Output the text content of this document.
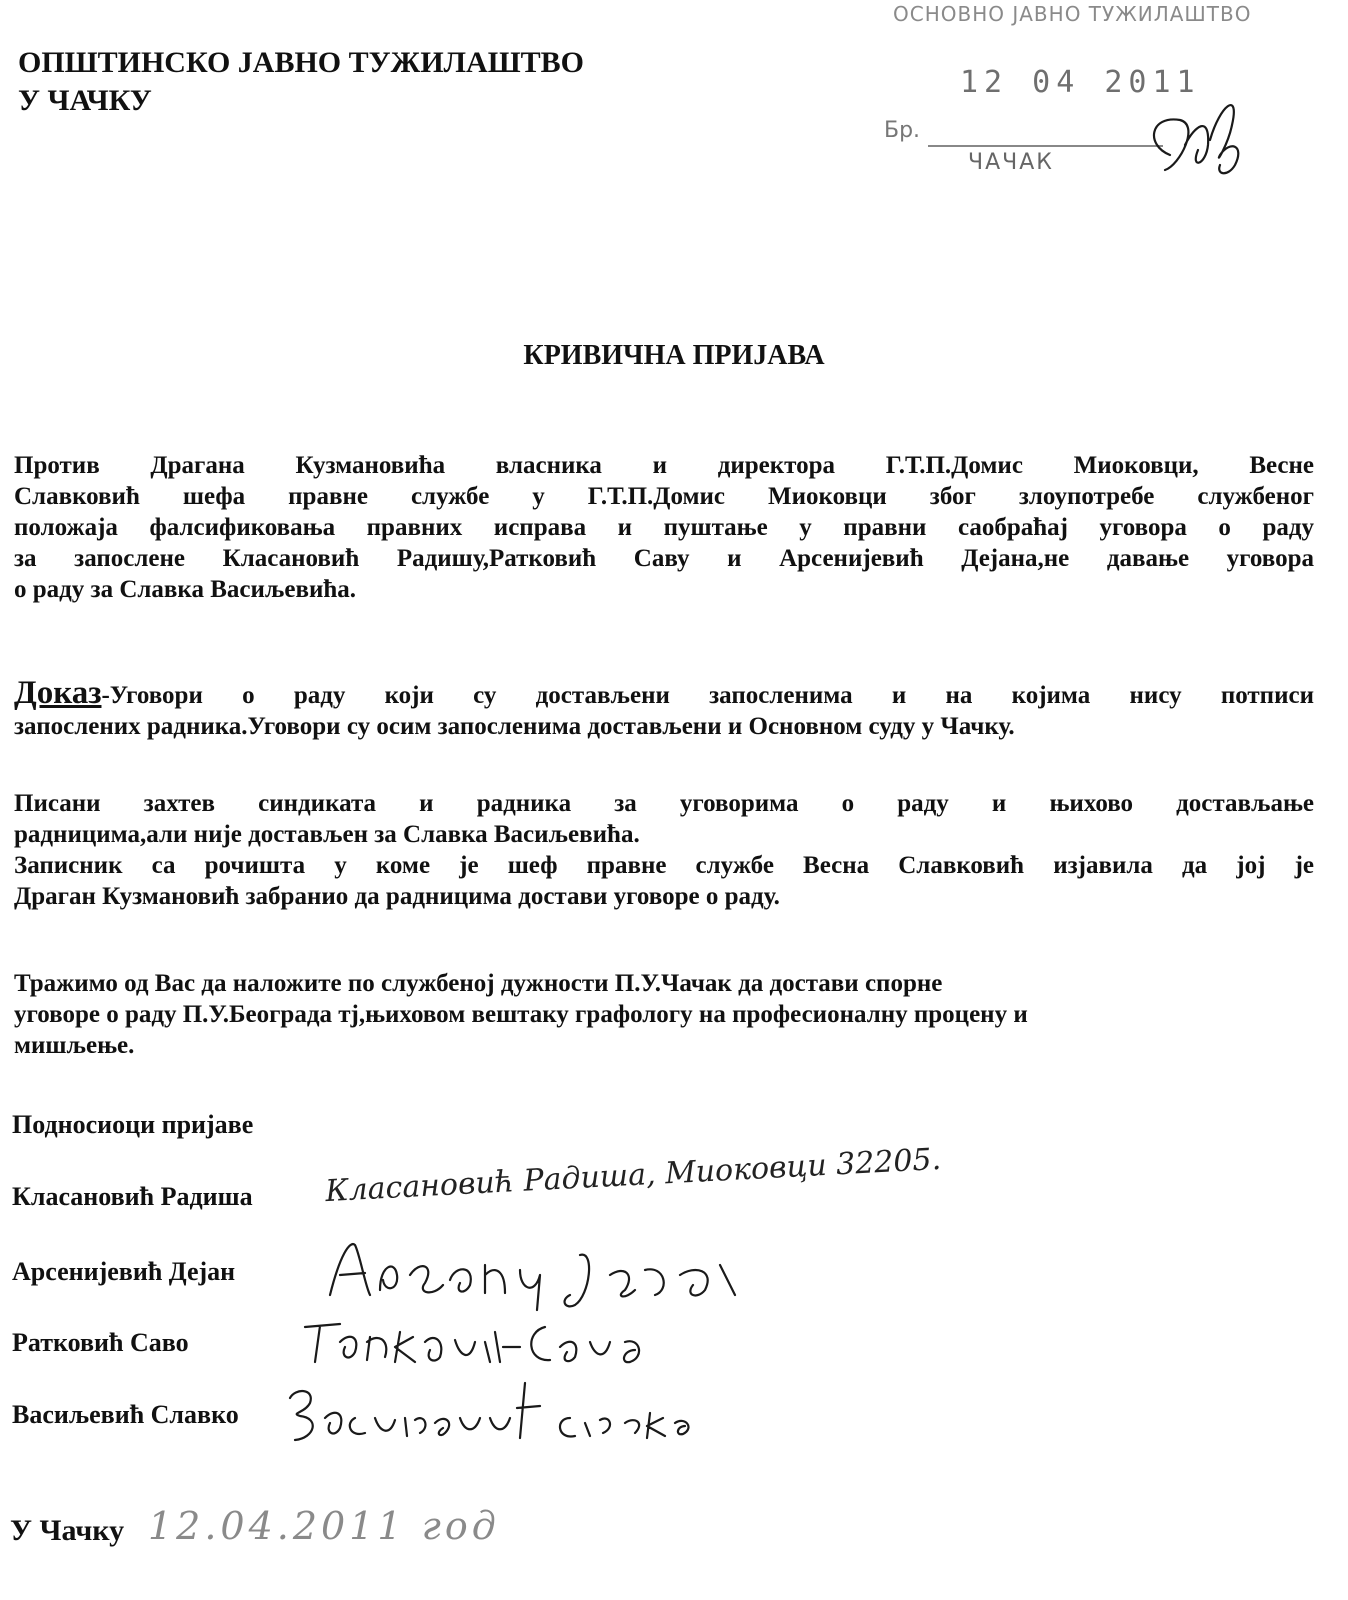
ОПШТИНСКО ЈАВНО ТУЖИЛАШТВО
У ЧАЧКУ
ОСНОВНО ЈАВНО ТУЖИЛАШТВО
12 04 2011
Бр.
ЧАЧАК
КРИВИЧНА ПРИЈАВА
Против Драгана Кузмановића власника и директора Г.Т.П.Домис Миоковци, Весне
Славковић шефа правне службе у Г.Т.П.Домис Миоковци због злоупотребе службеног
положаја фалсификовања правних исправа и пуштање у правни саобраћај уговора о раду
за запослене Класановић Радишу,Ратковић Саву и Арсенијевић Дејана,не давање уговора
о раду за Славка Васиљевића.
Доказ-Уговори о раду који су достављени запосленима и на којима нису потписи
запослених радника.Уговори су осим запосленима достављени и Основном суду у Чачку.
Писани захтев синдиката и радника за уговорима о раду и њихово достављање
радницима,али није достављен за Славка Васиљевића.
Записник са рочишта у коме је шеф правне службе Весна Славковић изјавила да јој је
Драган Кузмановић забранио да радницима достави уговоре о раду.
Тражимо од Вас да наложите по службеној дужности П.У.Чачак да достави спорне
уговоре о раду П.У.Београда тј,њиховом вештаку графологу на професионалну процену и
мишљење.
Подносиоци пријаве
Класановић Радиша Класановић Радиша, Миоковци 32205.
Арсенијевић Дејан
Ратковић Саво
Васиљевић Славко
У Чачку 12.04.2011 год
